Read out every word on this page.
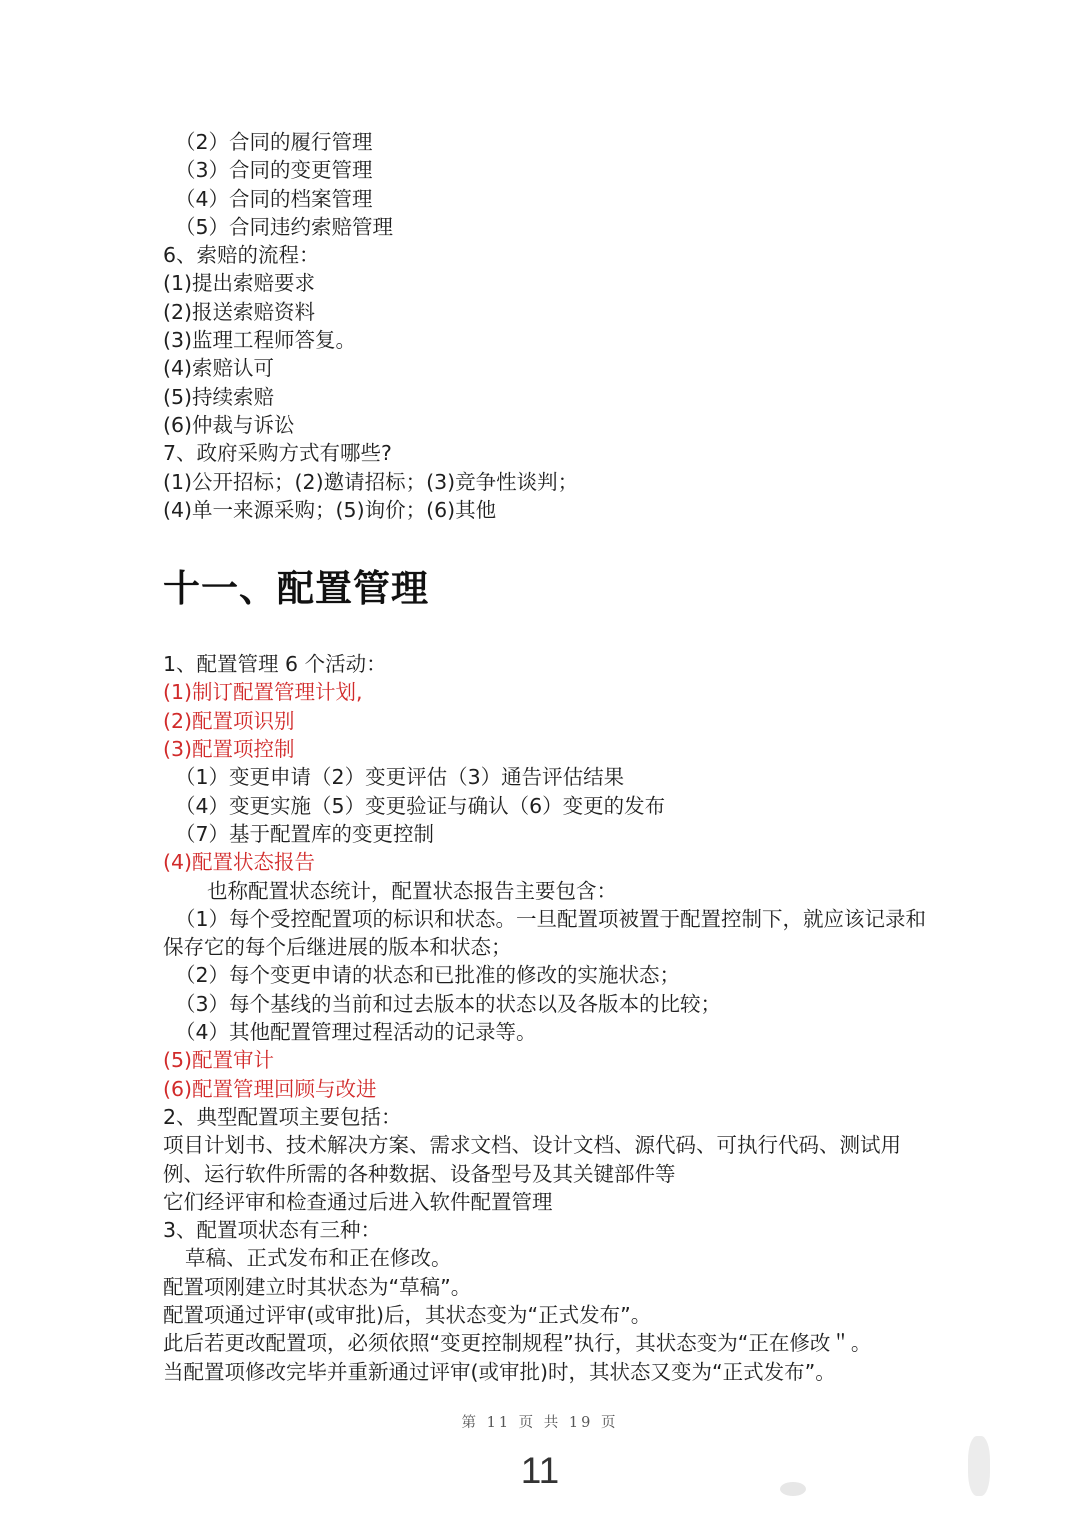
（2）合同的履行管理
（3）合同的变更管理
（4）合同的档案管理
（5）合同违约索赔管理
6、索赔的流程：
(1)提出索赔要求
(2)报送索赔资料
(3)监理工程师答复。
(4)索赔认可
(5)持续索赔
(6)仲裁与诉讼
7、政府采购方式有哪些?
(1)公开招标；(2)邀请招标；(3)竞争性谈判；
(4)单一来源采购；(5)询价；(6)其他
十一、配置管理
1、配置管理 6 个活动：
(1)制订配置管理计划,
(2)配置项识别
(3)配置项控制
（1）变更申请（2）变更评估（3）通告评估结果
（4）变更实施（5）变更验证与确认（6）变更的发布
（7）基于配置库的变更控制
(4)配置状态报告
也称配置状态统计，配置状态报告主要包含：
（1）每个受控配置项的标识和状态。一旦配置项被置于配置控制下，就应该记录和保存它的每个后继进展的版本和状态；
（2）每个变更申请的状态和已批准的修改的实施状态；
（3）每个基线的当前和过去版本的状态以及各版本的比较；
（4）其他配置管理过程活动的记录等。
(5)配置审计
(6)配置管理回顾与改进
2、典型配置项主要包括：
项目计划书、技术解决方案、需求文档、设计文档、源代码、可执行代码、测试用例、运行软件所需的各种数据、设备型号及其关键部件等
它们经评审和检查通过后进入软件配置管理
3、配置项状态有三种：
草稿、正式发布和正在修改。
配置项刚建立时其状态为“草稿”。
配置项通过评审(或审批)后，其状态变为“正式发布”。
此后若更改配置项，必须依照“变更控制规程”执行，其状态变为“正在修改＂。
当配置项修改完毕并重新通过评审(或审批)时，其状态又变为“正式发布”。
第 11 页 共 19 页
11
